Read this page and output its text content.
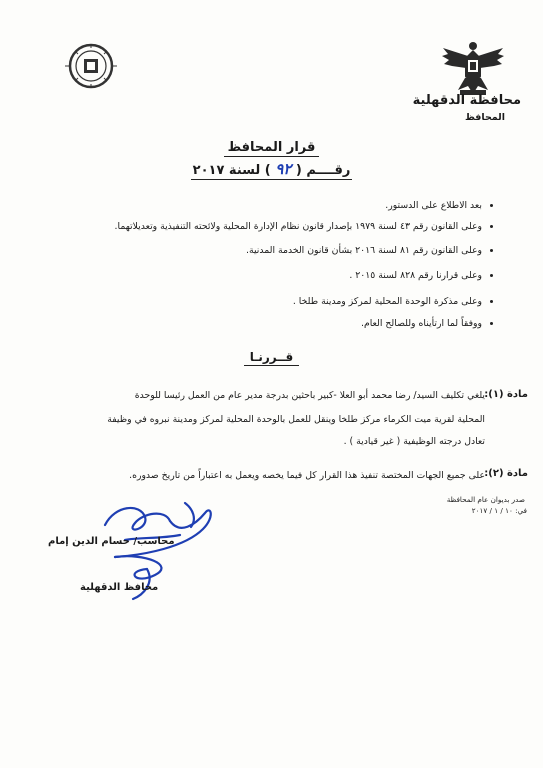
محافظة الدقهلية
المحافظ
قرار المحافظ
رقــــم ( ٩٢ ) لسنة ٢٠١٧
بعد الاطلاع على الدستور.
وعلى القانون رقم ٤٣ لسنة ١٩٧٩ بإصدار قانون نظام الإدارة المحلية ولائحته التنفيذية وتعديلاتهما.
وعلى القانون رقم ٨١ لسنة ٢٠١٦ بشأن قانون الخدمة المدنية.
وعلى قرارنا رقم ٨٢٨ لسنة ٢٠١٥ .
وعلى مذكرة الوحدة المحلية لمركز ومدينة طلخا .
ووفقاً لما ارتأيناه وللصالح العام.
قــررنـا
مادة (١):
يلغي تكليف السيد/ رضا محمد أبو العلا -كبير باحثين بدرجة مدير عام من العمل رئيسا للوحدة
المحلية لقرية ميت الكرماء مركز طلخا وينقل للعمل بالوحدة المحلية لمركز ومدينة نبروه في وظيفة
تعادل درجته الوظيفية ( غير قيادية ) .
مادة (٢):
على جميع الجهات المختصة تنفيذ هذا القرار كل فيما يخصه ويعمل به اعتباراً من تاريخ صدوره.
صدر بديوان عام المحافظة
في: ١٠ / ١ / ٢٠١٧
محاسب/ حسام الدين إمام
محافظ الدقهلية
